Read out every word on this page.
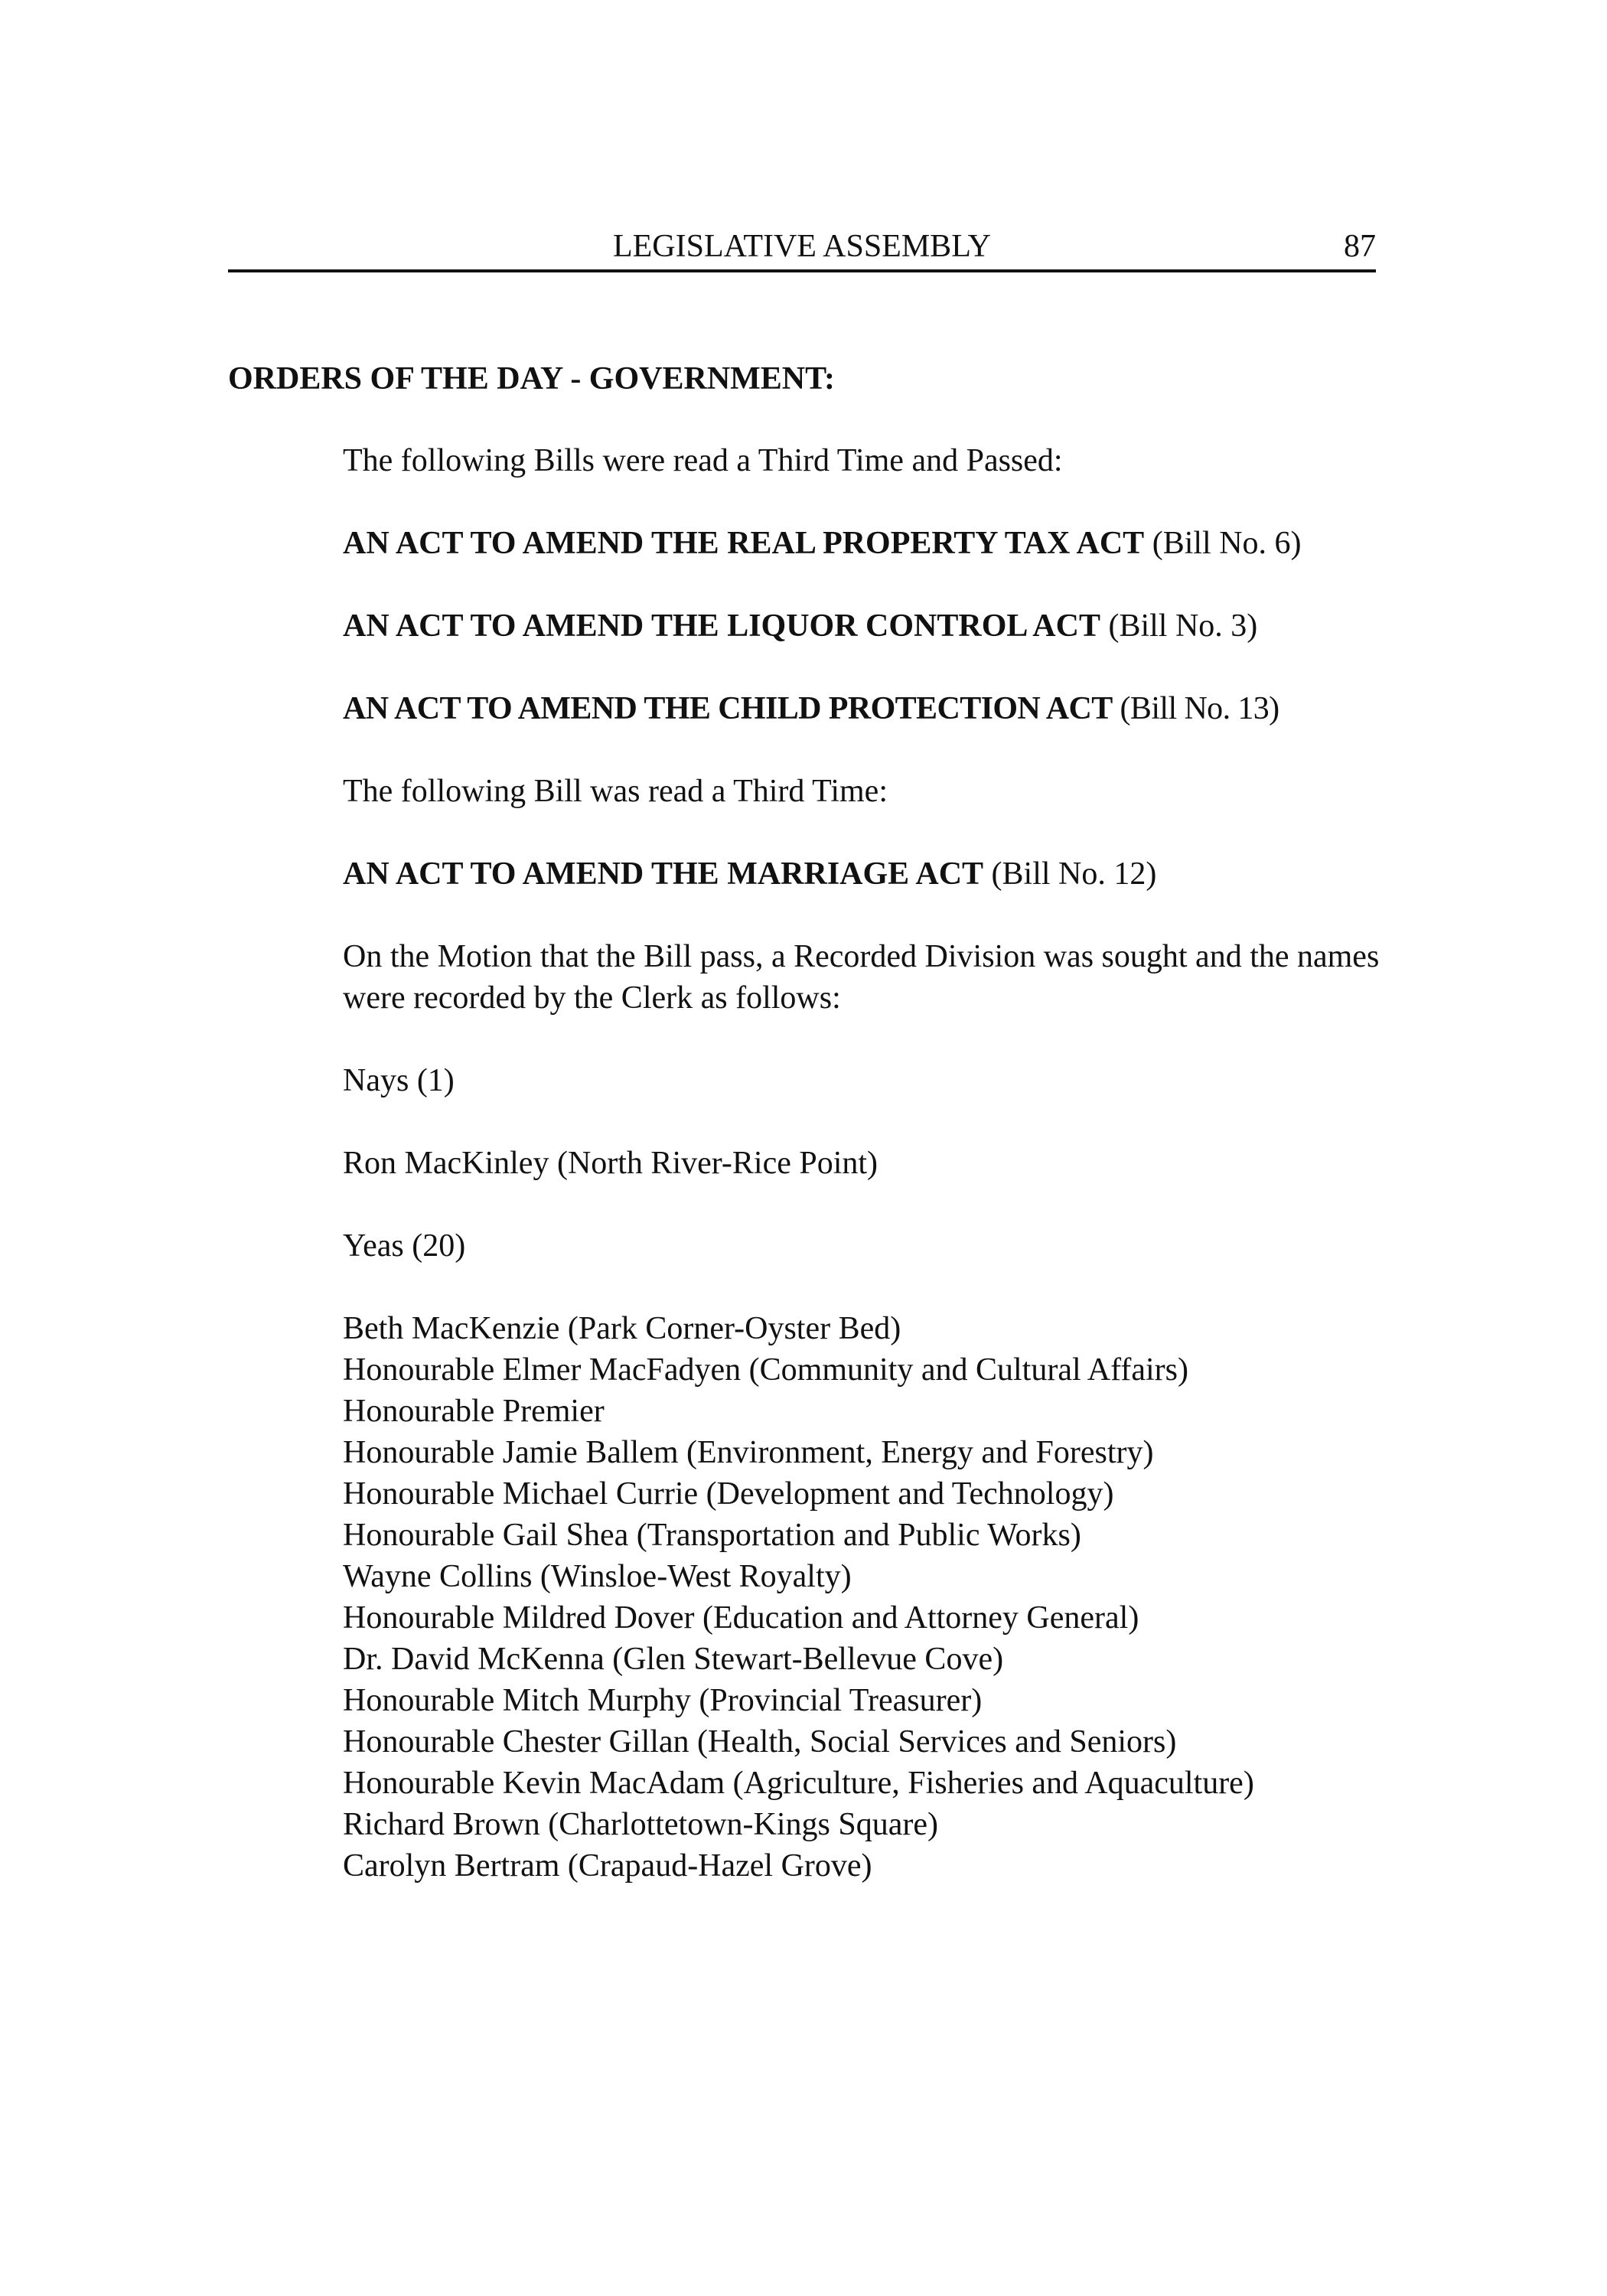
LEGISLATIVE ASSEMBLY	87
ORDERS OF THE DAY - GOVERNMENT:
The following Bills were read a Third Time and Passed:
AN ACT TO AMEND THE REAL PROPERTY TAX ACT (Bill No. 6)
AN ACT TO AMEND THE LIQUOR CONTROL ACT (Bill No. 3)
AN ACT TO AMEND THE CHILD PROTECTION ACT (Bill No. 13)
The following Bill was read a Third Time:
AN ACT TO AMEND THE MARRIAGE ACT (Bill No. 12)
On the Motion that the Bill pass, a Recorded Division was sought and the names were recorded by the Clerk as follows:
Nays (1)
Ron MacKinley (North River-Rice Point)
Yeas (20)
Beth MacKenzie (Park Corner-Oyster Bed)
Honourable Elmer MacFadyen (Community and Cultural Affairs)
Honourable Premier
Honourable Jamie Ballem (Environment, Energy and Forestry)
Honourable Michael Currie (Development and Technology)
Honourable Gail Shea (Transportation and Public Works)
Wayne Collins (Winsloe-West Royalty)
Honourable Mildred Dover (Education and Attorney General)
Dr. David McKenna (Glen Stewart-Bellevue Cove)
Honourable Mitch Murphy (Provincial Treasurer)
Honourable Chester Gillan (Health, Social Services and Seniors)
Honourable Kevin MacAdam (Agriculture, Fisheries and Aquaculture)
Richard Brown (Charlottetown-Kings Square)
Carolyn Bertram (Crapaud-Hazel Grove)
